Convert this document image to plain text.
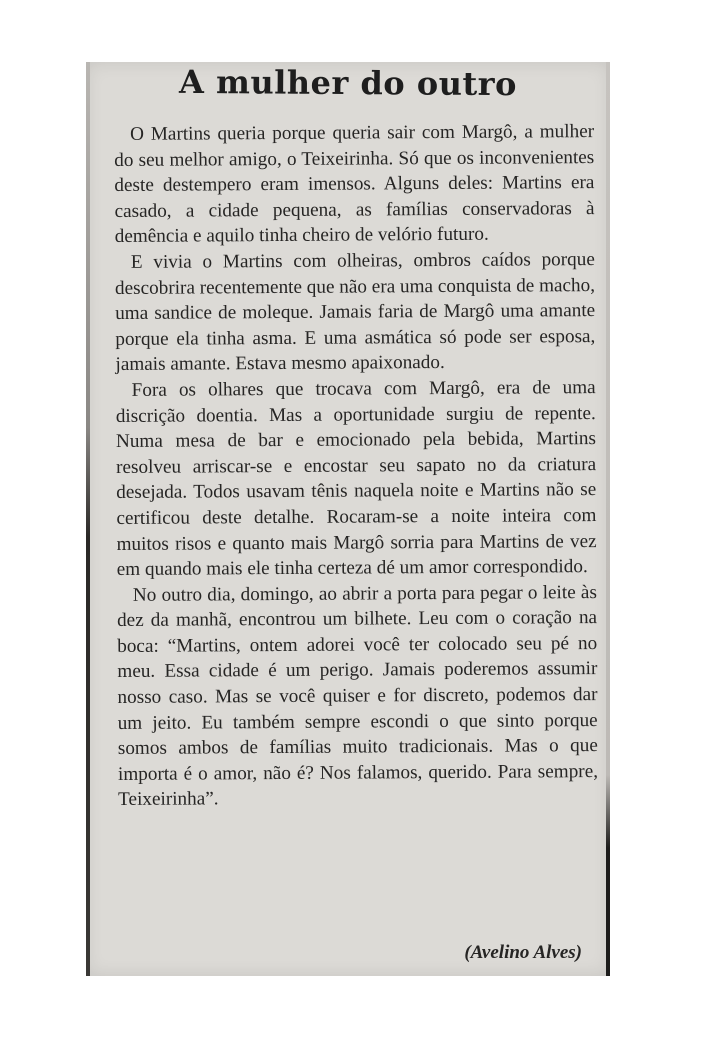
A mulher do outro

O Martins queria porque queria sair com Margô, a mulher do seu melhor amigo, o Teixeirinha. Só que os inconvenientes deste destempero eram imensos. Alguns deles: Martins era casado, a cidade pequena, as famílias conservadoras à demência e aquilo tinha cheiro de velório futuro.

E vivia o Martins com olheiras, ombros caídos porque descobrira recentemente que não era uma conquista de macho, uma sandice de moleque. Jamais faria de Margô uma amante porque ela tinha asma. E uma asmática só pode ser esposa, jamais amante. Estava mesmo apaixonado.

Fora os olhares que trocava com Margô, era de uma discrição doentia. Mas a oportunidade surgiu de repente. Numa mesa de bar e emocionado pela bebida, Martins resolveu arriscar-se e encostar seu sapato no da criatura desejada. Todos usavam tênis naquela noite e Martins não se certificou deste detalhe. Rocaram-se a noite inteira com muitos risos e quanto mais Margô sorria para Martins de vez em quando mais ele tinha certeza dé um amor correspondido.

No outro dia, domingo, ao abrir a porta para pegar o leite às dez da manhã, encontrou um bilhete. Leu com o coração na boca: “Martins, ontem adorei você ter colocado seu pé no meu. Essa cidade é um perigo. Jamais poderemos assumir nosso caso. Mas se você quiser e for discreto, podemos dar um jeito. Eu também sempre escondi o que sinto porque somos ambos de famílias muito tradicionais. Mas o que importa é o amor, não é? Nos falamos, querido. Para sempre, Teixeirinha”.

(Avelino Alves)
